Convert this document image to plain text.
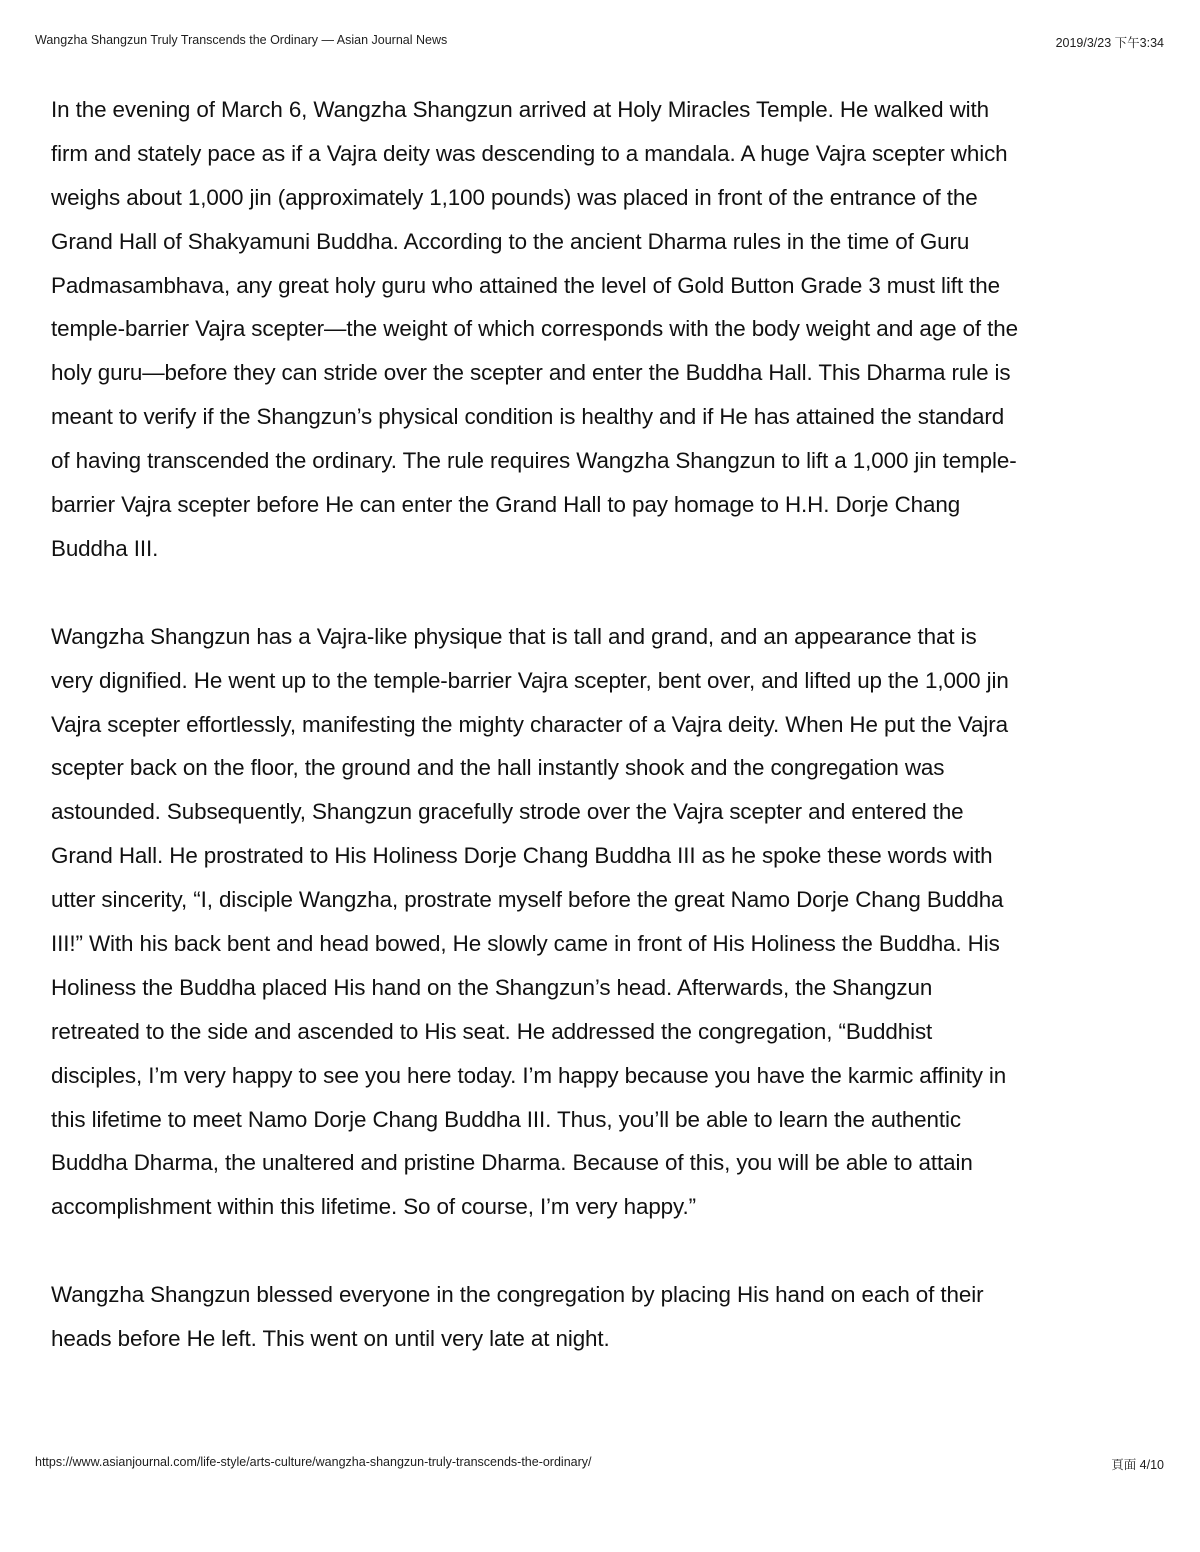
Wangzha Shangzun Truly Transcends the Ordinary — Asian Journal News	2019/3/23 下午3:34

In the evening of March 6, Wangzha Shangzun arrived at Holy Miracles Temple. He walked with
firm and stately pace as if a Vajra deity was descending to a mandala. A huge Vajra scepter which
weighs about 1,000 jin (approximately 1,100 pounds) was placed in front of the entrance of the
Grand Hall of Shakyamuni Buddha. According to the ancient Dharma rules in the time of Guru
Padmasambhava, any great holy guru who attained the level of Gold Button Grade 3 must lift the
temple-barrier Vajra scepter—the weight of which corresponds with the body weight and age of the
holy guru—before they can stride over the scepter and enter the Buddha Hall. This Dharma rule is
meant to verify if the Shangzun’s physical condition is healthy and if He has attained the standard
of having transcended the ordinary. The rule requires Wangzha Shangzun to lift a 1,000 jin temple-
barrier Vajra scepter before He can enter the Grand Hall to pay homage to H.H. Dorje Chang
Buddha III.

Wangzha Shangzun has a Vajra-like physique that is tall and grand, and an appearance that is
very dignified. He went up to the temple-barrier Vajra scepter, bent over, and lifted up the 1,000 jin
Vajra scepter effortlessly, manifesting the mighty character of a Vajra deity. When He put the Vajra
scepter back on the floor, the ground and the hall instantly shook and the congregation was
astounded. Subsequently, Shangzun gracefully strode over the Vajra scepter and entered the
Grand Hall. He prostrated to His Holiness Dorje Chang Buddha III as he spoke these words with
utter sincerity, “I, disciple Wangzha, prostrate myself before the great Namo Dorje Chang Buddha
III!” With his back bent and head bowed, He slowly came in front of His Holiness the Buddha. His
Holiness the Buddha placed His hand on the Shangzun’s head. Afterwards, the Shangzun
retreated to the side and ascended to His seat. He addressed the congregation, “Buddhist
disciples, I’m very happy to see you here today. I’m happy because you have the karmic affinity in
this lifetime to meet Namo Dorje Chang Buddha III. Thus, you’ll be able to learn the authentic
Buddha Dharma, the unaltered and pristine Dharma. Because of this, you will be able to attain
accomplishment within this lifetime. So of course, I’m very happy.”

Wangzha Shangzun blessed everyone in the congregation by placing His hand on each of their
heads before He left. This went on until very late at night.

https://www.asianjournal.com/life-style/arts-culture/wangzha-shangzun-truly-transcends-the-ordinary/	頁面 4/10
